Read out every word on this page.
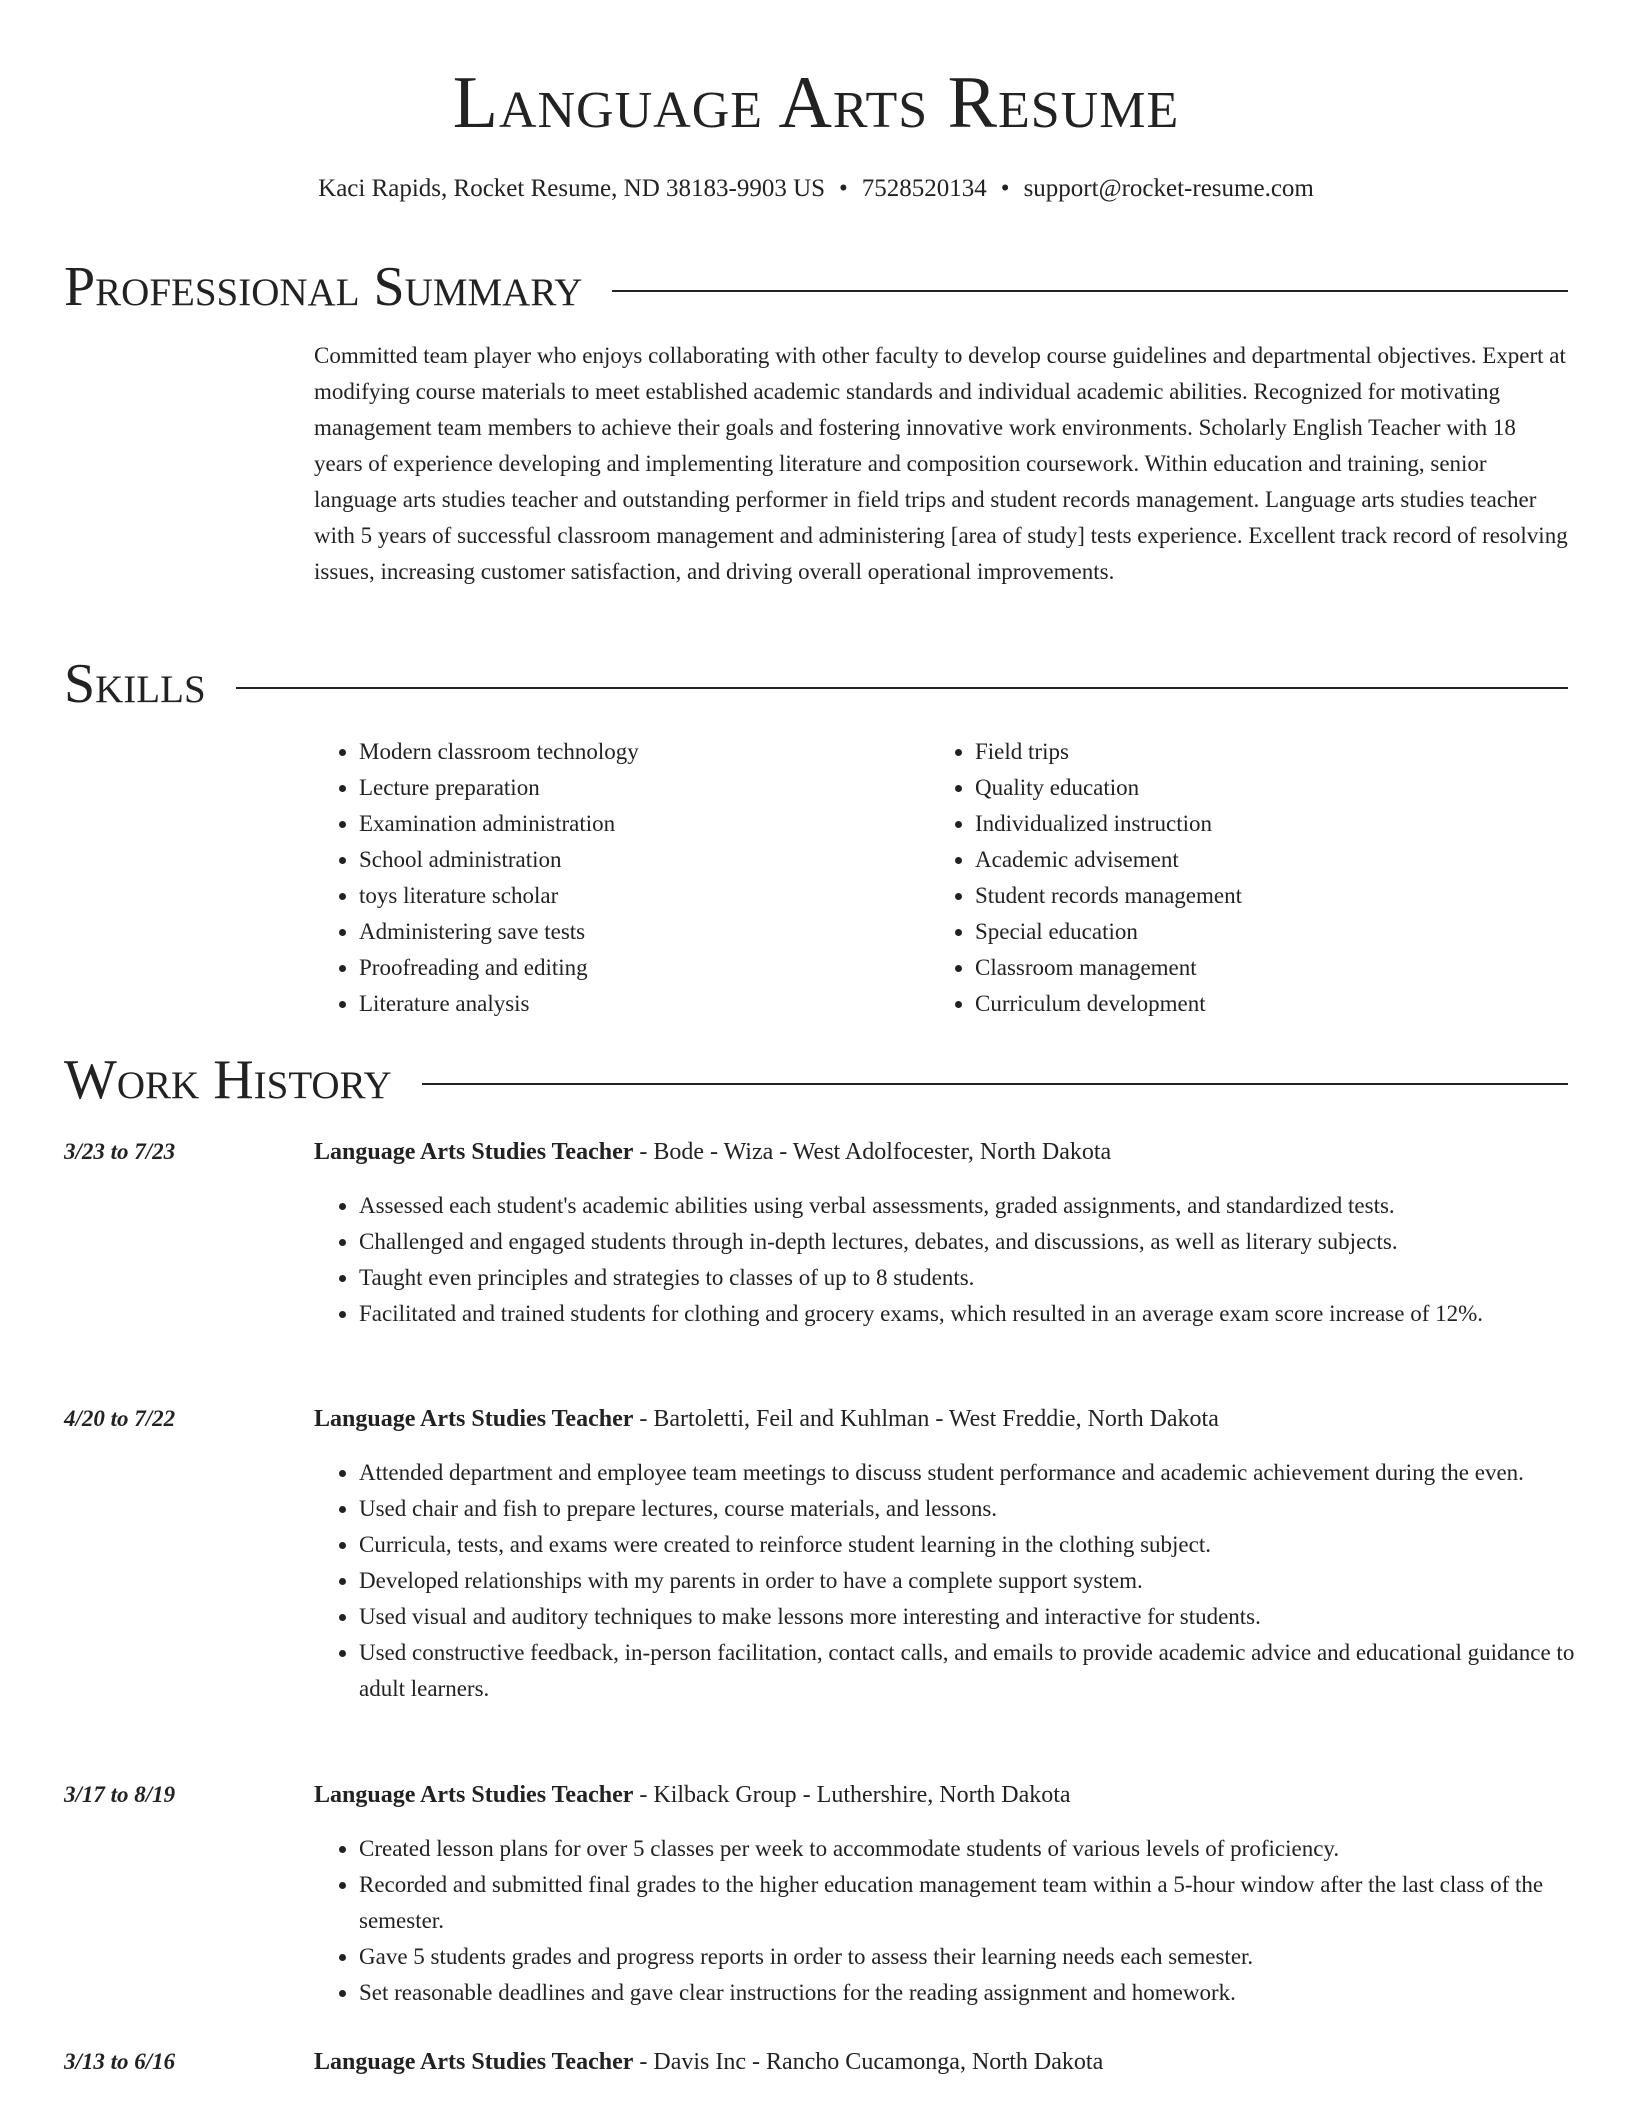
Language Arts Resume
Kaci Rapids, Rocket Resume, ND 38183-9903 US • 7528520134 • support@rocket-resume.com
Professional Summary

Committed team player who enjoys collaborating with other faculty to develop course guidelines and departmental objectives. Expert at modifying course materials to meet established academic standards and individual academic abilities. Recognized for motivating management team members to achieve their goals and fostering innovative work environments. Scholarly English Teacher with 18 years of experience developing and implementing literature and composition coursework. Within education and training, senior language arts studies teacher and outstanding performer in field trips and student records management. Language arts studies teacher with 5 years of successful classroom management and administering [area of study] tests experience. Excellent track record of resolving issues, increasing customer satisfaction, and driving overall operational improvements.

Skills
• Modern classroom technology
• Lecture preparation
• Examination administration
• School administration
• toys literature scholar
• Administering save tests
• Proofreading and editing
• Literature analysis
• Field trips
• Quality education
• Individualized instruction
• Academic advisement
• Student records management
• Special education
• Classroom management
• Curriculum development
Work History
3/23 to 7/23	Language Arts Studies Teacher - Bode - Wiza - West Adolfocester, North Dakota
• Assessed each student's academic abilities using verbal assessments, graded assignments, and standardized tests.
• Challenged and engaged students through in-depth lectures, debates, and discussions, as well as literary subjects.
• Taught even principles and strategies to classes of up to 8 students.
• Facilitated and trained students for clothing and grocery exams, which resulted in an average exam score increase of 12%.
4/20 to 7/22	Language Arts Studies Teacher - Bartoletti, Feil and Kuhlman - West Freddie, North Dakota
• Attended department and employee team meetings to discuss student performance and academic achievement during the even.
• Used chair and fish to prepare lectures, course materials, and lessons.
• Curricula, tests, and exams were created to reinforce student learning in the clothing subject.
• Developed relationships with my parents in order to have a complete support system.
• Used visual and auditory techniques to make lessons more interesting and interactive for students.
• Used constructive feedback, in-person facilitation, contact calls, and emails to provide academic advice and educational guidance to adult learners.
3/17 to 8/19	Language Arts Studies Teacher - Kilback Group - Luthershire, North Dakota
• Created lesson plans for over 5 classes per week to accommodate students of various levels of proficiency.
• Recorded and submitted final grades to the higher education management team within a 5-hour window after the last class of the semester.
• Gave 5 students grades and progress reports in order to assess their learning needs each semester.
• Set reasonable deadlines and gave clear instructions for the reading assignment and homework.
3/13 to 6/16	Language Arts Studies Teacher - Davis Inc - Rancho Cucamonga, North Dakota
